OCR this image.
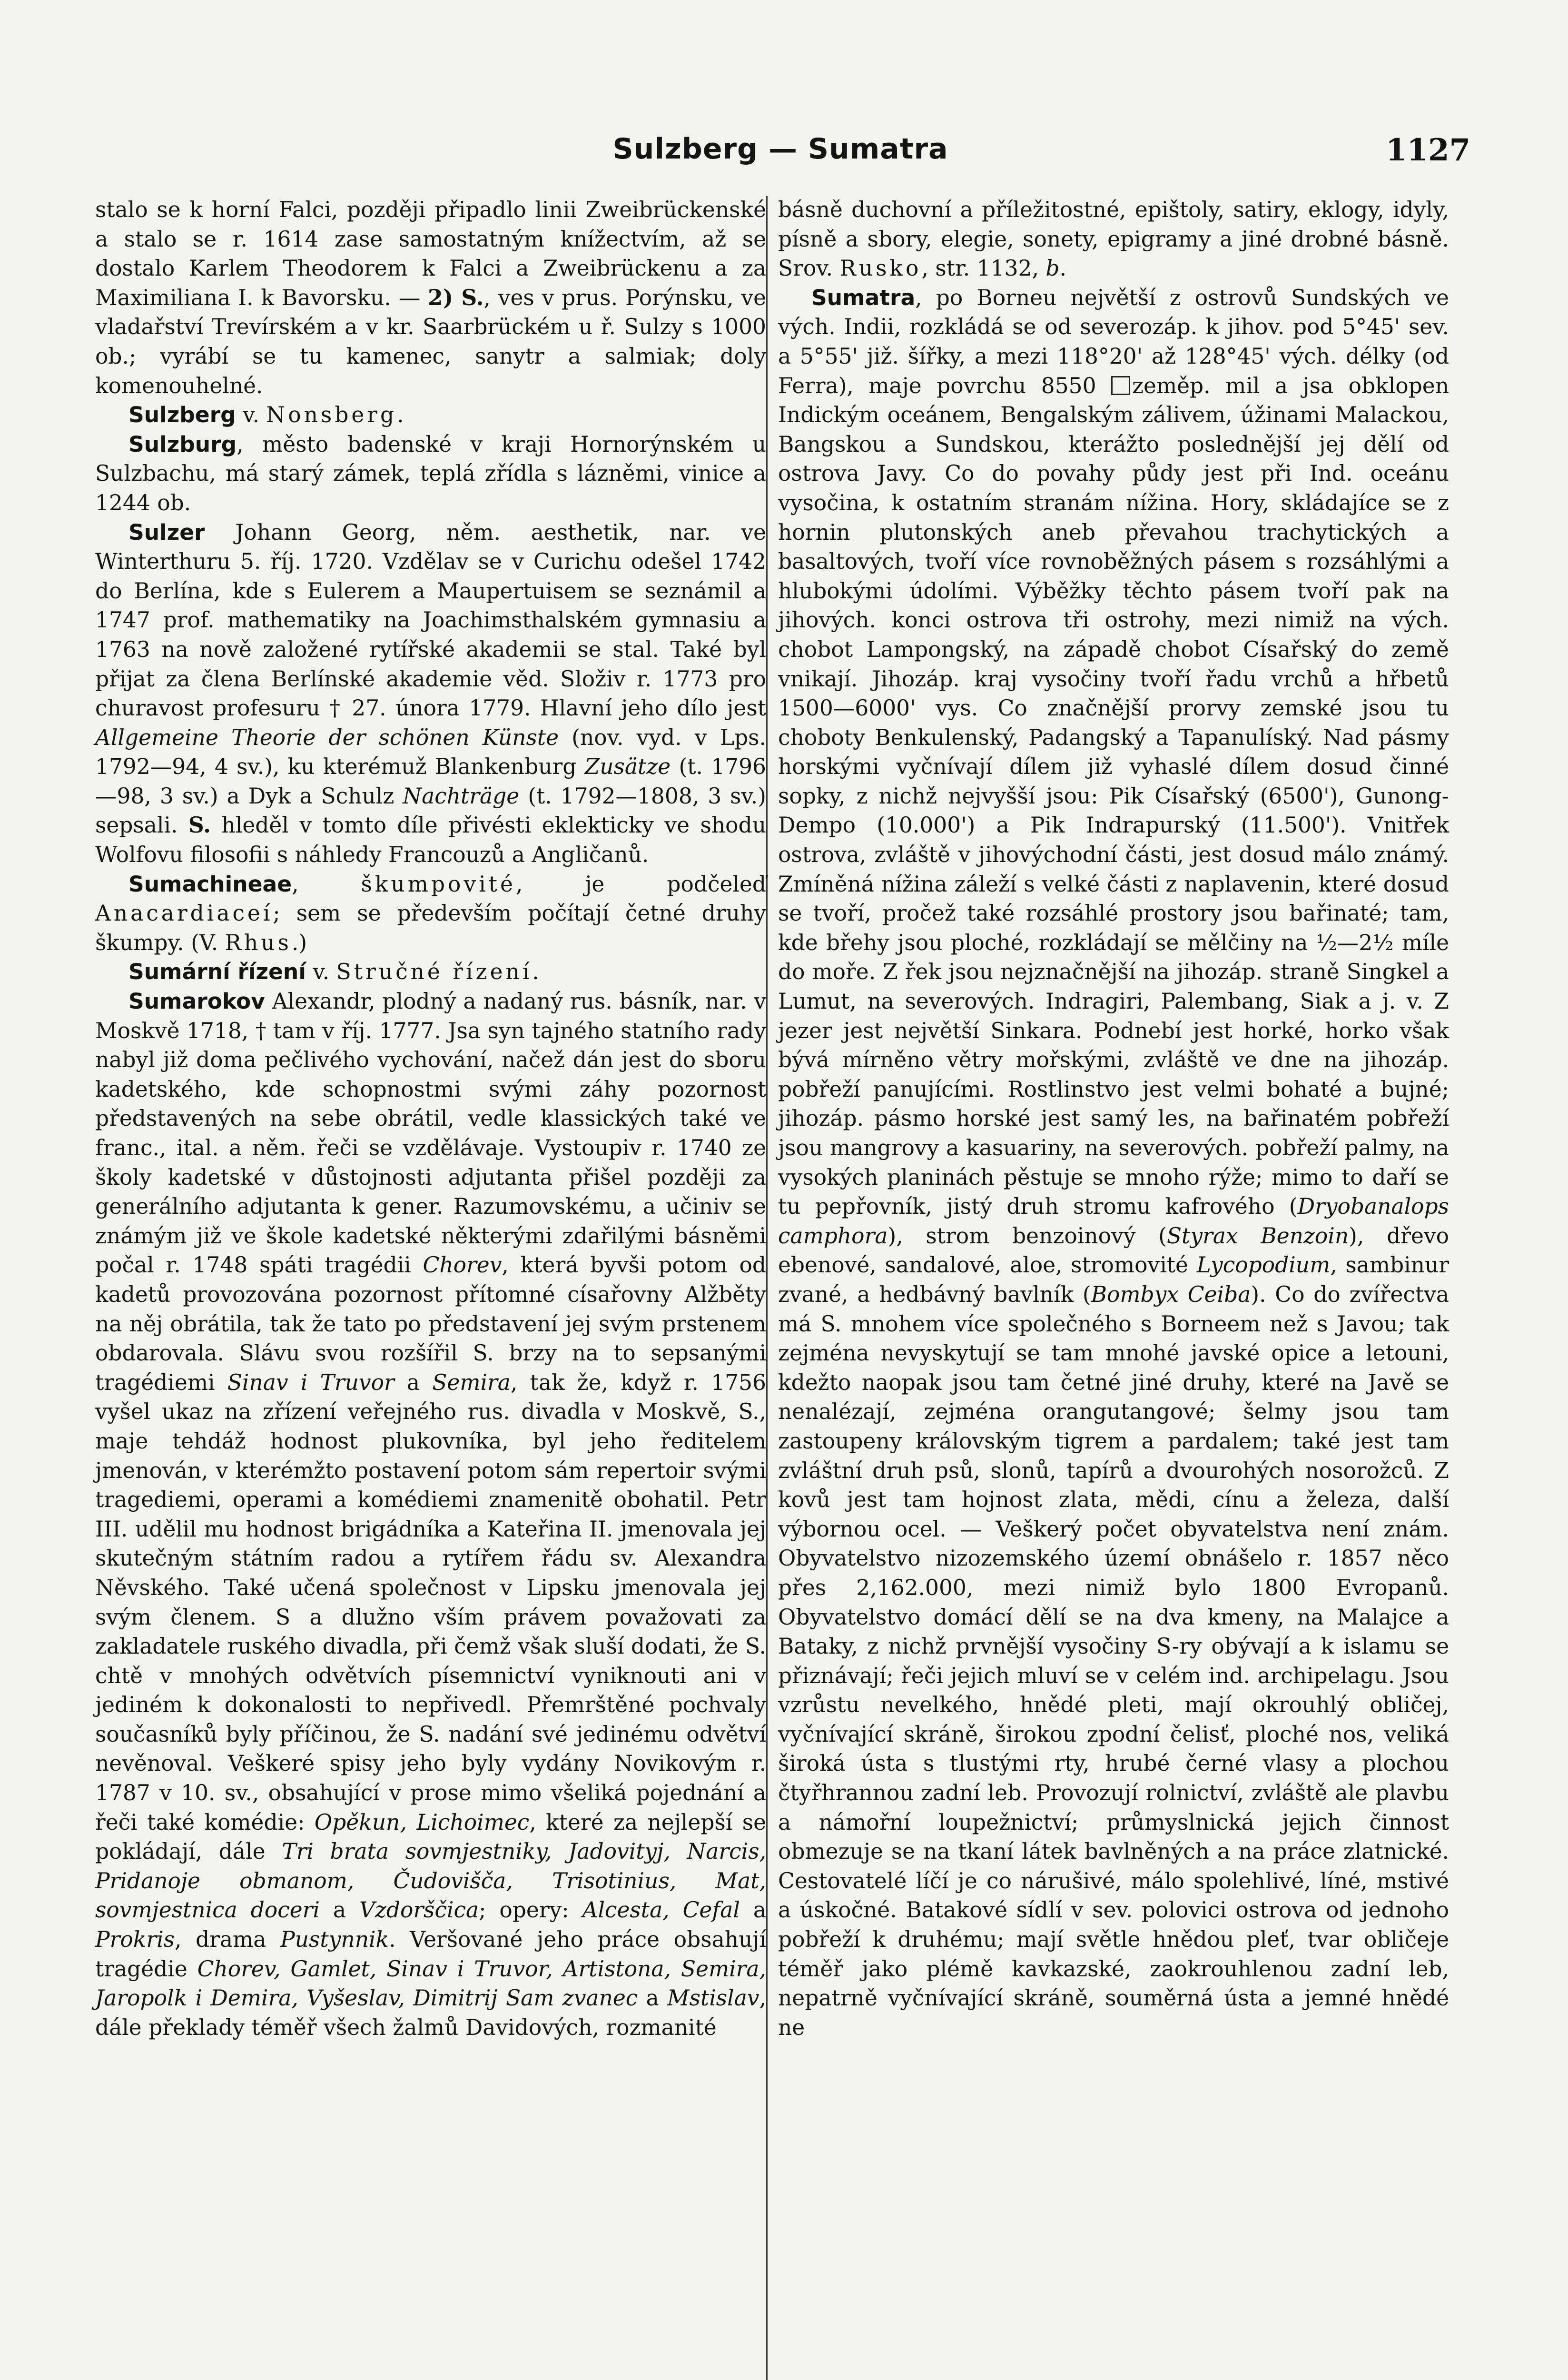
Sulzberg — Sumatra	1127

stalo se k horní Falci, později připadlo linii Zweibrückenské a stalo se r. 1614 zase samostatným knížectvím, až se dostalo Karlem Theodorem k Falci a Zweibrückenu a za Maximiliana I. k Bavorsku. — 2) S., ves v prus. Porýnsku, ve vladařství Trevírském a v kr. Saarbrückém u ř. Sulzy s 1000 ob.; vyrábí se tu kamenec, sanytr a salmiak; doly komenouhelné.

Sulzberg v. Nonsberg.

Sulzburg, město badenské v kraji Hornorýnském u Sulzbachu, má starý zámek, teplá zřídla s lázněmi, vinice a 1244 ob.

Sulzer Johann Georg, něm. aesthetik, nar. ve Winterthuru 5. říj. 1720. Vzdělav se v Curichu odešel 1742 do Berlína, kde s Eulerem a Maupertuisem se seznámil a 1747 prof. mathematiky na Joachimsthalském gymnasiu a 1763 na nově založené rytířské akademii se stal. Také byl přijat za člena Berlínské akademie věd. Složiv r. 1773 pro churavost profesuru † 27. února 1779. Hlavní jeho dílo jest Allgemeine Theorie der schönen Künste (nov. vyd. v Lps. 1792—94, 4 sv.), ku kterémuž Blankenburg Zusätze (t. 1796—98, 3 sv.) a Dyk a Schulz Nachträge (t. 1792—1808, 3 sv.) sepsali. S. hleděl v tomto díle přivésti eklekticky ve shodu Wolfovu filosofii s náhledy Francouzů a Angličanů.

Sumachineae, škumpovité, je podčeleď Anacardiaceí; sem se především počítají četné druhy škumpy. (V. Rhus.)

Sumární řízení v. Stručné řízení.

Sumarokov Alexandr, plodný a nadaný rus. básník, nar. v Moskvě 1718, † tam v říj. 1777. Jsa syn tajného statního rady nabyl již doma pečlivého vychování, načež dán jest do sboru kadetského, kde schopnostmi svými záhy pozornost představených na sebe obrátil, vedle klassických také ve franc., ital. a něm. řeči se vzdělávaje. Vystoupiv r. 1740 ze školy kadetské v důstojnosti adjutanta přišel později za generálního adjutanta k gener. Razumovskému, a učiniv se známým již ve škole kadetské některými zdařilými básněmi počal r. 1748 spáti tragédii Chorev, která byvši potom od kadetů provozována pozornost přítomné císařovny Alžběty na něj obrátila, tak že tato po představení jej svým prstenem obdarovala. Slávu svou rozšířil S. brzy na to sepsanými tragédiemi Sinav i Truvor a Semira, tak že, když r. 1756 vyšel ukaz na zřízení veřejného rus. divadla v Moskvě, S., maje tehdáž hodnost plukovníka, byl jeho ředitelem jmenován, v kterémžto postavení potom sám repertoir svými tragediemi, operami a komédiemi znamenitě obohatil. Petr III. udělil mu hodnost brigádníka a Kateřina II. jmenovala jej skutečným státním radou a rytířem řádu sv. Alexandra Něvského. Také učená společnost v Lipsku jmenovala jej svým členem. S a dlužno vším právem považovati za zakladatele ruského divadla, při čemž však sluší dodati, že S. chtě v mnohých odvětvích písemnictví vyniknouti ani v jediném k dokonalosti to nepřivedl. Přemrštěné pochvaly současníků byly příčinou, že S. nadání své jedinému odvětví nevěnoval. Veškeré spisy jeho byly vydány Novikovým r. 1787 v 10. sv., obsahující v prose mimo všeliká pojednání a řeči také komédie: Opěkun, Lichoimec, které za nejlepší se pokládají, dále Tri brata sovmjestniky, Jadovityj, Narcis, Pridanoje obmanom, Čudovišča, Trisotinius, Mat, sovmjestnica doceri a Vzdorščica; opery: Alcesta, Cefal a Prokris, drama Pustynnik. Veršované jeho práce obsahují tragédie Chorev, Gamlet, Sinav i Truvor, Artistona, Semira, Jaropolk i Demira, Vyšeslav, Dimitrij Sam zvanec a Mstislav, dále překlady téměř všech žalmů Davidových, rozmanité

básně duchovní a příležitostné, epištoly, satiry, eklogy, idyly, písně a sbory, elegie, sonety, epigramy a jiné drobné básně. Srov. Rusko, str. 1132, b.

Sumatra, po Borneu největší z ostrovů Sundských ve vých. Indii, rozkládá se od severozáp. k jihov. pod 5°45' sev. a 5°55' již. šířky, a mezi 118°20' až 128°45' vých. délky (od Ferra), maje povrchu 8550 zeměp. mil a jsa obklopen Indickým oceánem, Bengalským zálivem, úžinami Malackou, Bangskou a Sundskou, kterážto poslednější jej dělí od ostrova Javy. Co do povahy půdy jest při Ind. oceánu vysočina, k ostatním stranám nížina. Hory, skládajíce se z hornin plutonských aneb převahou trachytických a basaltových, tvoří více rovnoběžných pásem s rozsáhlými a hlubokými údolími. Výběžky těchto pásem tvoří pak na jihových. konci ostrova tři ostrohy, mezi nimiž na vých. chobot Lampongský, na západě chobot Císařský do země vnikají. Jihozáp. kraj vysočiny tvoří řadu vrchů a hřbetů 1500—6000' vys. Co značnější prorvy zemské jsou tu choboty Benkulenský, Padangský a Tapanulíský. Nad pásmy horskými vyčnívají dílem již vyhaslé dílem dosud činné sopky, z nichž nejvyšší jsou: Pik Císařský (6500'), Gunong-Dempo (10.000') a Pik Indrapurský (11.500'). Vnitřek ostrova, zvláště v jihovýchodní části, jest dosud málo známý. Zmíněná nížina záleží s velké části z naplavenin, které dosud se tvoří, pročež také rozsáhlé prostory jsou bařinaté; tam, kde břehy jsou ploché, rozkládají se mělčiny na ½—2½ míle do moře. Z řek jsou nejznačnější na jihozáp. straně Singkel a Lumut, na severových. Indragiri, Palembang, Siak a j. v. Z jezer jest největší Sinkara. Podnebí jest horké, horko však bývá mírněno větry mořskými, zvláště ve dne na jihozáp. pobřeží panujícími. Rostlinstvo jest velmi bohaté a bujné; jihozáp. pásmo horské jest samý les, na bařinatém pobřeží jsou mangrovy a kasuariny, na severových. pobřeží palmy, na vysokých planinách pěstuje se mnoho rýže; mimo to daří se tu pepřovník, jistý druh stromu kafrového (Dryobanalops camphora), strom benzoinový (Styrax Benzoin), dřevo ebenové, sandalové, aloe, stromovité Lycopodium, sambinur zvané, a hedbávný bavlník (Bombyx Ceiba). Co do zvířectva má S. mnohem více společného s Borneem než s Javou; tak zejména nevyskytují se tam mnohé javské opice a letouni, kdežto naopak jsou tam četné jiné druhy, které na Javě se nenalézají, zejména orangutangové; šelmy jsou tam zastoupeny královským tigrem a pardalem; také jest tam zvláštní druh psů, slonů, tapírů a dvourohých nosorožců. Z kovů jest tam hojnost zlata, mědi, cínu a železa, další výbornou ocel. — Veškerý počet obyvatelstva není znám. Obyvatelstvo nizozemského území obnášelo r. 1857 něco přes 2,162.000, mezi nimiž bylo 1800 Evropanů. Obyvatelstvo domácí dělí se na dva kmeny, na Malajce a Bataky, z nichž prvnější vysočiny S-ry obývají a k islamu se přiznávají; řeči jejich mluví se v celém ind. archipelagu. Jsou vzrůstu nevelkého, hnědé pleti, mají okrouhlý obličej, vyčnívající skráně, širokou zpodní čelisť, ploché nos, veliká široká ústa s tlustými rty, hrubé černé vlasy a plochou čtyřhrannou zadní leb. Provozují rolnictví, zvláště ale plavbu a námořní loupežnictví; průmyslnická jejich činnost obmezuje se na tkaní látek bavlněných a na práce zlatnické. Cestovatelé líčí je co nárušivé, málo spolehlivé, líné, mstivé a úskočné. Batakové sídlí v sev. polovici ostrova od jednoho pobřeží k druhému; mají světle hnědou pleť, tvar obličeje téměř jako plémě kavkazské, zaokrouhlenou zadní leb, nepatrně vyčnívající skráně, souměrná ústa a jemné hnědé ne
